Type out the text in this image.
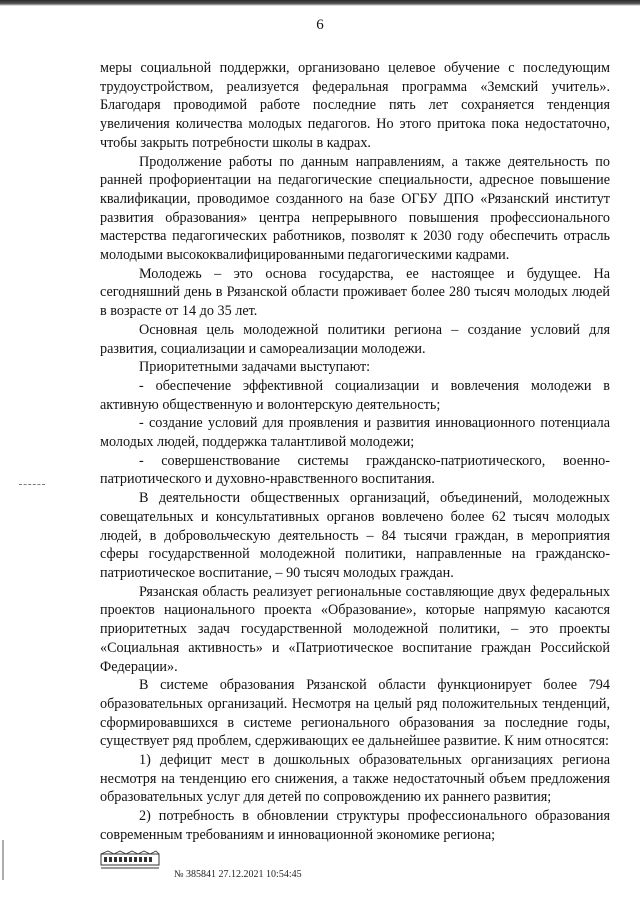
6

меры социальной поддержки, организовано целевое обучение с последующим трудоустройством, реализуется федеральная программа «Земский учитель». Благодаря проводимой работе последние пять лет сохраняется тенденция увеличения количества молодых педагогов. Но этого притока пока недостаточно, чтобы закрыть потребности школы в кадрах.

Продолжение работы по данным направлениям, а также деятельность по ранней профориентации на педагогические специальности, адресное повышение квалификации, проводимое созданного на базе ОГБУ ДПО «Рязанский институт развития образования» центра непрерывного повышения профессионального мастерства педагогических работников, позволят к 2030 году обеспечить отрасль молодыми высококвалифицированными педагогическими кадрами.

Молодежь – это основа государства, ее настоящее и будущее. На сегодняшний день в Рязанской области проживает более 280 тысяч молодых людей в возрасте от 14 до 35 лет.

Основная цель молодежной политики региона – создание условий для развития, социализации и самореализации молодежи.

Приоритетными задачами выступают:

- обеспечение эффективной социализации и вовлечения молодежи в активную общественную и волонтерскую деятельность;

- создание условий для проявления и развития инновационного потенциала молодых людей, поддержка талантливой молодежи;

- совершенствование системы гражданско-патриотического, военно-патриотического и духовно-нравственного воспитания.

В деятельности общественных организаций, объединений, молодежных совещательных и консультативных органов вовлечено более 62 тысяч молодых людей, в добровольческую деятельность – 84 тысячи граждан, в мероприятия сферы государственной молодежной политики, направленные на гражданско-патриотическое воспитание, – 90 тысяч молодых граждан.

Рязанская область реализует региональные составляющие двух федеральных проектов национального проекта «Образование», которые напрямую касаются приоритетных задач государственной молодежной политики, – это проекты «Социальная активность» и «Патриотическое воспитание граждан Российской Федерации».

В системе образования Рязанской области функционирует более 794 образовательных организаций. Несмотря на целый ряд положительных тенденций, сформировавшихся в системе регионального образования за последние годы, существует ряд проблем, сдерживающих ее дальнейшее развитие. К ним относятся:

1) дефицит мест в дошкольных образовательных организациях региона несмотря на тенденцию его снижения, а также недостаточный объем предложения образовательных услуг для детей по сопровождению их раннего развития;

2) потребность в обновлении структуры профессионального образования современным требованиям и инновационной экономике региона;

№ 385841 27.12.2021 10:54:45
